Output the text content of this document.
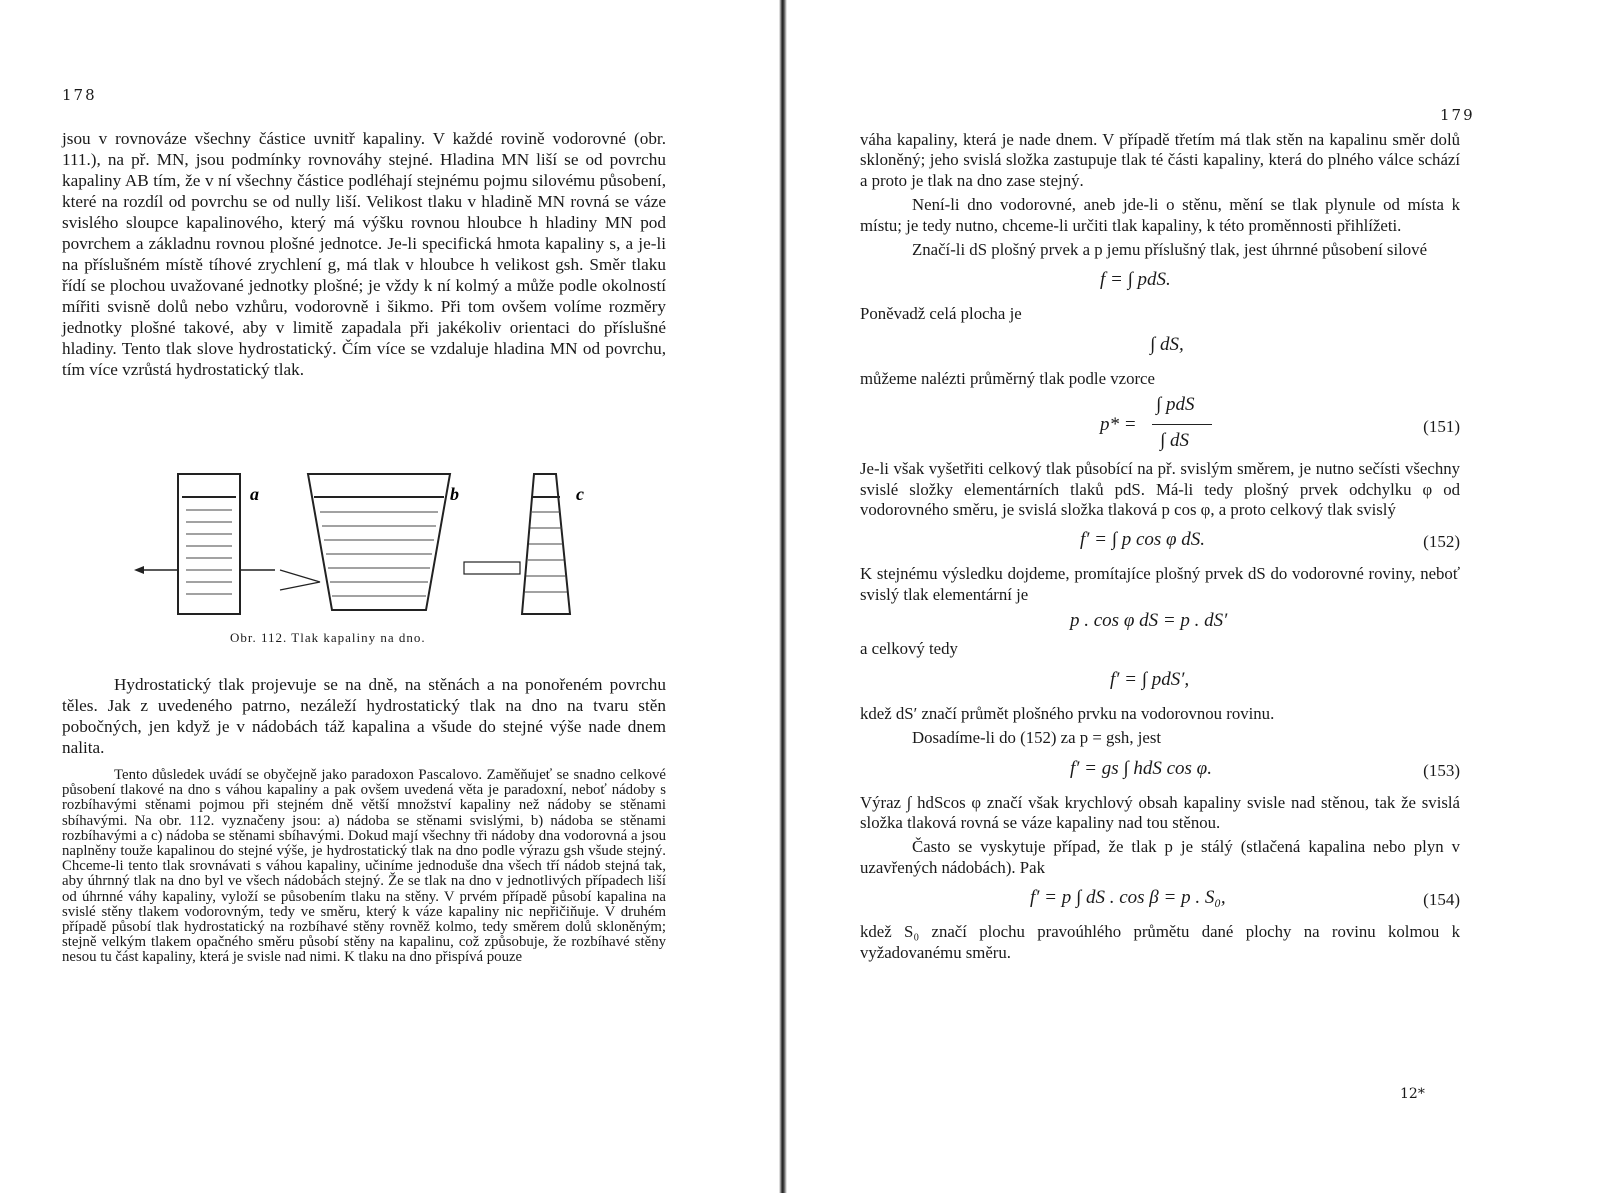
178

jsou v rovnováze všechny částice uvnitř kapaliny. V každé rovině vodorovné (obr. 111.), na př. MN, jsou podmínky rovnováhy stejné. Hladina MN liší se od povrchu kapaliny AB tím, že v ní všechny částice podléhají stejnému pojmu silovému působení, které na rozdíl od povrchu se od nully liší. Velikost tlaku v hladině MN rovná se váze svislého sloupce kapalinového, který má výšku rovnou hloubce h hladiny MN pod povrchem a základnu rovnou plošné jednotce. Je-li specifická hmota kapaliny s, a je-li na příslušném místě tíhové zrychlení g, má tlak v hloubce h velikost gsh. Směr tlaku řídí se plochou uvažované jednotky plošné; je vždy k ní kolmý a může podle okolností mířiti svisně dolů nebo vzhůru, vodorovně i šikmo. Při tom ovšem volíme rozměry jednotky plošné takové, aby v limitě zapadala při jakékoliv orientaci do příslušné hladiny. Tento tlak slove hydrostatický. Čím více se vzdaluje hladina MN od povrchu, tím více vzrůstá hydrostatický tlak.

a	b	c
Obr. 112. Tlak kapaliny na dno.

Hydrostatický tlak projevuje se na dně, na stěnách a na ponořeném povrchu těles. Jak z uvedeného patrno, nezáleží hydrostatický tlak na dno na tvaru stěn pobočných, jen když je v nádobách táž kapalina a všude do stejné výše nade dnem nalita.

Tento důsledek uvádí se obyčejně jako paradoxon Pascalovo. Zaměňujeť se snadno celkové působení tlakové na dno s váhou kapaliny a pak ovšem uvedená věta je paradoxní, neboť nádoby s rozbíhavými stěnami pojmou při stejném dně větší množství kapaliny než nádoby se stěnami sbíhavými. Na obr. 112. vyznačeny jsou: a) nádoba se stěnami svislými, b) nádoba se stěnami rozbíhavými a c) nádoba se stěnami sbíhavými. Dokud mají všechny tři nádoby dna vodorovná a jsou naplněny touže kapalinou do stejné výše, je hydrostatický tlak na dno podle výrazu gsh všude stejný. Chceme-li tento tlak srovnávati s váhou kapaliny, učiníme jednoduše dna všech tří nádob stejná tak, aby úhrnný tlak na dno byl ve všech nádobách stejný. Že se tlak na dno v jednotlivých případech liší od úhrnné váhy kapaliny, vyloží se působením tlaku na stěny. V prvém případě působí kapalina na svislé stěny tlakem vodorovným, tedy ve směru, který k váze kapaliny nic nepřičiňuje. V druhém případě působí tlak hydrostatický na rozbíhavé stěny rovněž kolmo, tedy směrem dolů skloněným; stejně velkým tlakem opačného směru působí stěny na kapalinu, což způsobuje, že rozbíhavé stěny nesou tu část kapaliny, která je svisle nad nimi. K tlaku na dno přispívá pouze

179

váha kapaliny, která je nade dnem. V případě třetím má tlak stěn na kapalinu směr dolů skloněný; jeho svislá složka zastupuje tlak té části kapaliny, která do plného válce schází a proto je tlak na dno zase stejný.

Není-li dno vodorovné, aneb jde-li o stěnu, mění se tlak plynule od místa k místu; je tedy nutno, chceme-li určiti tlak kapaliny, k této proměnnosti přihlížeti.

Značí-li dS plošný prvek a p jemu příslušný tlak, jest úhrnné působení silové

f = ∫ pdS.

Poněvadž celá plocha je

∫ dS,

můžeme nalézti průměrný tlak podle vzorce

p* =
∫ pdS
∫ dS
(151)

Je-li však vyšetřiti celkový tlak působící na př. svislým směrem, je nutno sečísti všechny svislé složky elementárních tlaků pdS. Má-li tedy plošný prvek odchylku φ od vodorovného směru, je svislá složka tlaková p cos φ, a proto celkový tlak svislý

f′ = ∫ p cos φ dS.	(152)

K stejnému výsledku dojdeme, promítajíce plošný prvek dS do vodorovné roviny, neboť svislý tlak elementární je

p . cos φ dS = p . dS′

a celkový tedy

f′ = ∫ pdS′,

kdež dS′ značí průmět plošného prvku na vodorovnou rovinu.

Dosadíme-li do (152) za p = gsh, jest

f′ = gs ∫ hdS cos φ.	(153)

Výraz ∫ hdScos φ značí však krychlový obsah kapaliny svisle nad stěnou, tak že svislá složka tlaková rovná se váze kapaliny nad tou stěnou.

Často se vyskytuje případ, že tlak p je stálý (stlačená kapalina nebo plyn v uzavřených nádobách). Pak

f′ = p ∫ dS . cos β = p . S₀,	(154)

kdež S₀ značí plochu pravoúhlého průmětu dané plochy na rovinu kolmou k vyžadovanému směru.

12*
